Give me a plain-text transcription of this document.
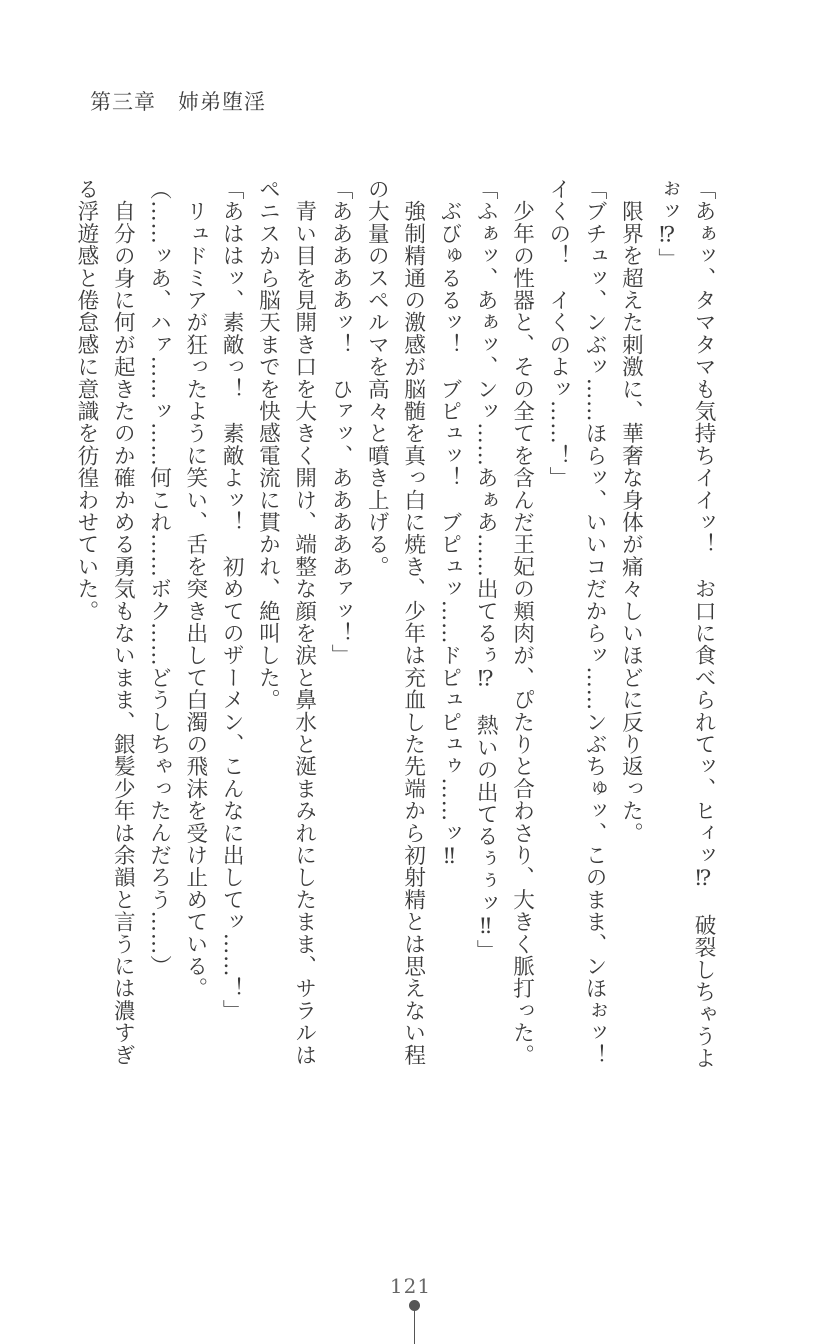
第三章　姉弟堕淫
「あぁッ、タマタマも気持ちイイッ！　お口に食べられてッ、ヒィッ⁉　破裂しちゃうよ
ぉッ⁉」
　限界を超えた刺激に、華奢な身体が痛々しいほどに反り返った。
「ブチュッ、ンぶッ……ほらッ、いいコだからッ……ンぶちゅッ、このまま、ンほぉッ！
イくの！　イくのよッ……！」
　少年の性器と、その全てを含んだ王妃の頬肉が、ぴたりと合わさり、大きく脈打った。
「ふぁッ、あぁッ、ンッ……あぁあ……出てるぅ⁉　熱いの出てるぅぅッ‼」
　ぶびゅるるッ！　ブピュッ！　ブピュッ……ドピュピュゥ……ッ‼
　強制精通の激感が脳髄を真っ白に焼き、少年は充血した先端から初射精とは思えない程
の大量のスペルマを高々と噴き上げる。
「あああああッ！　ひァッ、あああああァッ！」
　青い目を見開き口を大きく開け、端整な顔を涙と鼻水と涎まみれにしたまま、サラルは
ペニスから脳天までを快感電流に貫かれ、絶叫した。
「あははッ、素敵っ！　素敵よッ！　初めてのザーメン、こんなに出してッ……！」
　リュドミアが狂ったように笑い、舌を突き出して白濁の飛沫を受け止めている。
（……ッあ、ハァ……ッ……何これ……ボク……どうしちゃったんだろう……）
　自分の身に何が起きたのか確かめる勇気もないまま、銀髪少年は余韻と言うには濃すぎ
る浮遊感と倦怠感に意識を彷徨わせていた。
121
